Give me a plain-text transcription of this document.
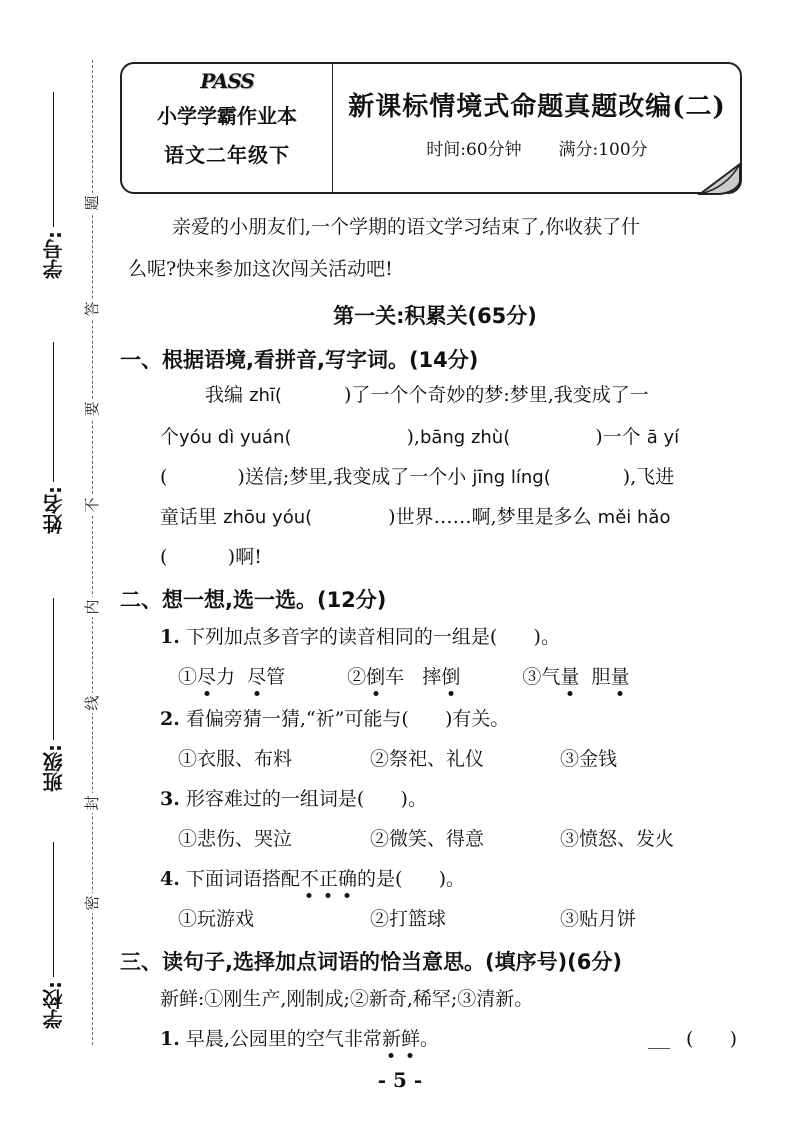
学号:
姓名:
班级:
学校:
题
答
要
不
内
线
封
密
PASS
小学学霸作业本
语文二年级下
新课标情境式命题真题改编(二)
时间:60分钟 满分:100分
亲爱的小朋友们,一个学期的语文学习结束了,你收获了什
么呢?快来参加这次闯关活动吧!
第一关:积累关(65分)
一、根据语境,看拼音,写字词。(14分)
我编 zhī(	)了一个个奇妙的梦:梦里,我变成了一
个yóu dì yuán(	),bāng zhù(	)一个 ā yí
(	)送信;梦里,我变成了一个小 jīng líng(	),飞进
童话里 zhōu yóu(	)世界……啊,梦里是多么 měi hǎo
(          )啊!
二、想一想,选一选。(12分)
1. 下列加点多音字的读音相同的一组是(      )。
①尽力  尽管	②倒车   摔倒	③气量  胆量
2. 看偏旁猜一猜,“祈”可能与(      )有关。
①衣服、布料	②祭祀、礼仪	③金钱
3. 形容难过的一组词是(      )。
①悲伤、哭泣	②微笑、得意	③愤怒、发火
4. 下面词语搭配不正确的是(      )。
①玩游戏	②打篮球	③贴月饼
三、读句子,选择加点词语的恰当意思。(填序号)(6分)
新鲜:①刚生产,刚制成;②新奇,稀罕;③清新。
1. 早晨,公园里的空气非常新鲜。	(      )
- 5 -
